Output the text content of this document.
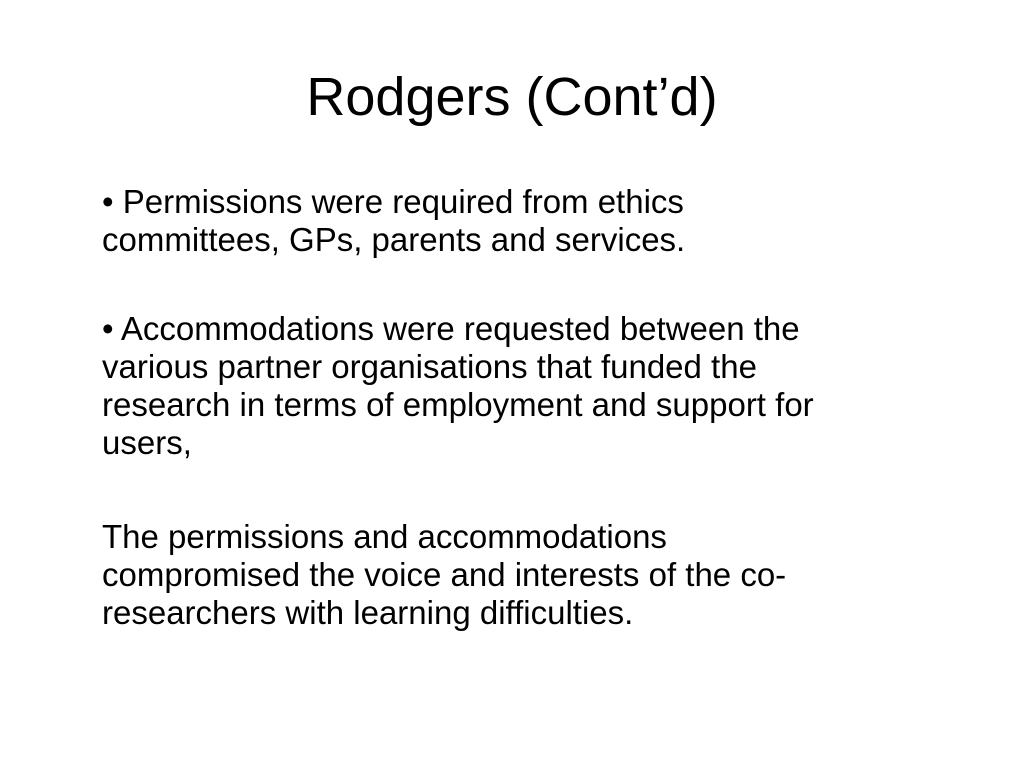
Rodgers (Cont’d)

• Permissions were required from ethics
committees, GPs, parents and services.

• Accommodations were requested between the
various partner organisations that funded the
research in terms of employment and support for
users,

The permissions and accommodations
compromised the voice and interests of the co-
researchers with learning difficulties.
